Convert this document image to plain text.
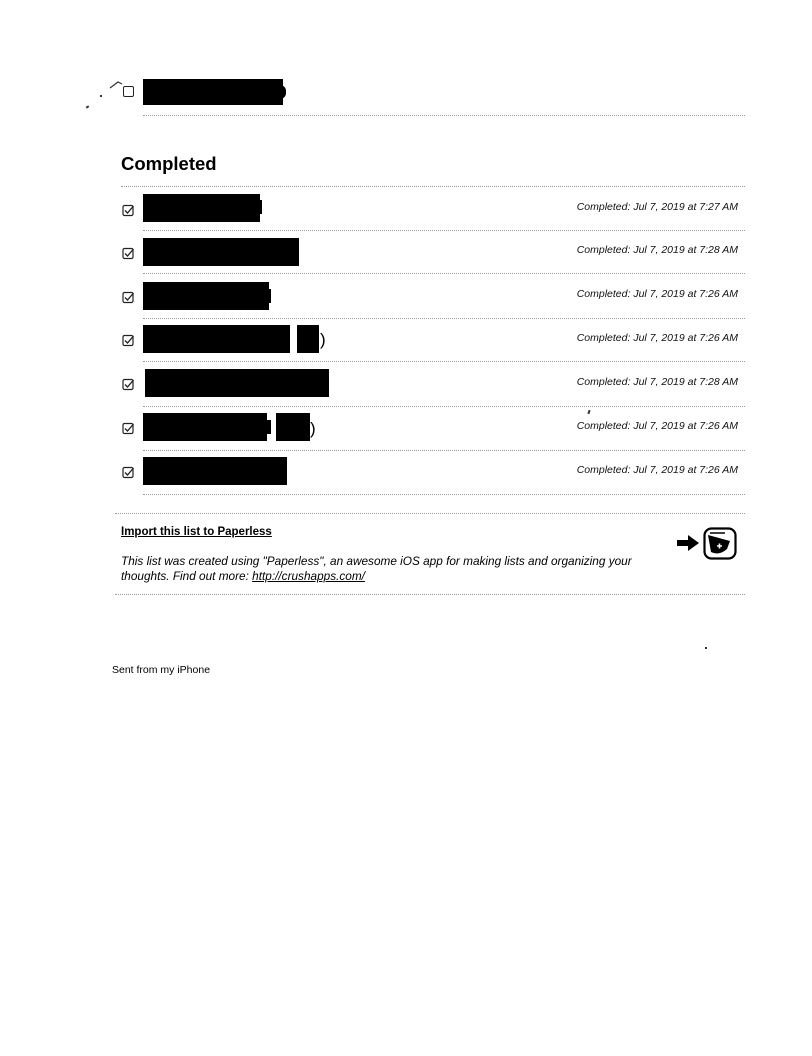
Completed
Completed: Jul 7, 2019 at 7:27 AM
Completed: Jul 7, 2019 at 7:28 AM
Completed: Jul 7, 2019 at 7:26 AM
)	Completed: Jul 7, 2019 at 7:26 AM
Completed: Jul 7, 2019 at 7:28 AM
)	Completed: Jul 7, 2019 at 7:26 AM
Completed: Jul 7, 2019 at 7:26 AM
Import this list to Paperless
This list was created using "Paperless", an awesome iOS app for making lists and organizing your thoughts. Find out more: http://crushapps.com/
Sent from my iPhone
